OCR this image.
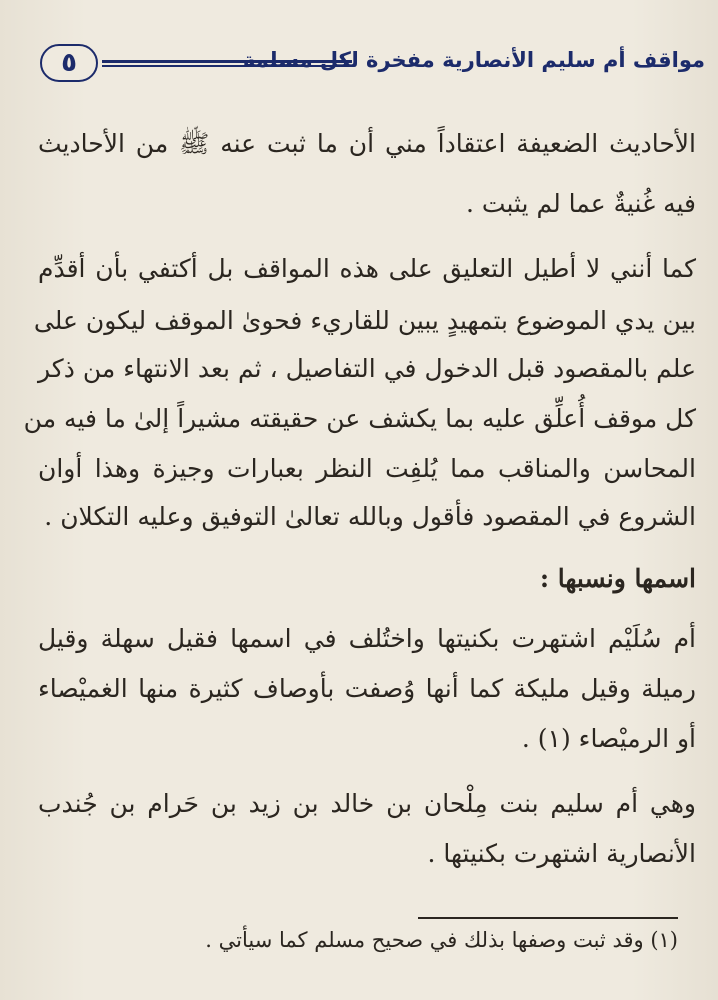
٥	مواقف أم سليم الأنصارية مفخرة لكل مسلمة
الأحاديث الضعيفة اعتقاداً مني أن ما ثبت عنه ﷺ من الأحاديث
فيه غُنيةٌ عما لم يثبت .
كما أنني لا أطيل التعليق على هذه المواقف بل أكتفي بأن أقدِّم
بين يدي الموضوع بتمهيدٍ يبين للقاريء فحوىٰ الموقف ليكون على
علم بالمقصود قبل الدخول في التفاصيل ، ثم بعد الانتهاء من ذكر
كل موقف أُعلِّق عليه بما يكشف عن حقيقته مشيراً إلىٰ ما فيه من
المحاسن والمناقب مما يُلفِت النظر بعبارات وجيزة وهذا أوان
الشروع في المقصود فأقول وبالله تعالىٰ التوفيق وعليه التكلان .
اسمها ونسبها :
أم سُلَيْم اشتهرت بكنيتها واختُلف في اسمها فقيل سهلة وقيل
رميلة وقيل مليكة كما أنها وُصفت بأوصاف كثيرة منها الغميْصاء
أو الرميْصاء (١) .
وهي أم سليم بنت مِلْحان بن خالد بن زيد بن حَرام بن جُندب
الأنصارية اشتهرت بكنيتها .
(١) وقد ثبت وصفها بذلك في صحيح مسلم كما سيأتي .
